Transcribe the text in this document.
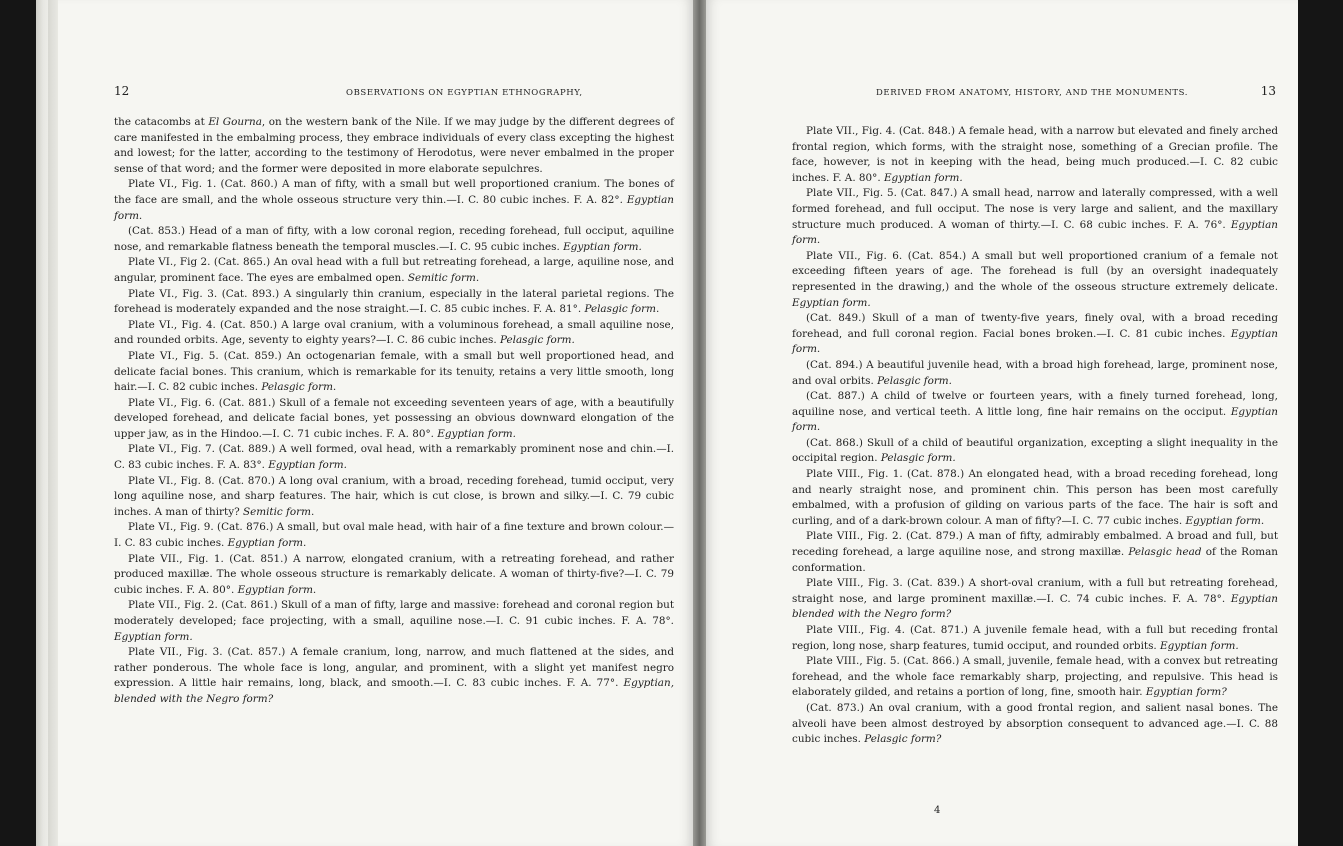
12	OBSERVATIONS ON EGYPTIAN ETHNOGRAPHY,

the catacombs at El Gourna, on the western bank of the Nile. If we may judge by the different degrees of care manifested in the embalming process, they embrace individuals of every class excepting the highest and lowest; for the latter, according to the testimony of Herodotus, were never embalmed in the proper sense of that word; and the former were deposited in more elaborate sepulchres.

Plate VI., Fig. 1. (Cat. 860.) A man of fifty, with a small but well proportioned cranium. The bones of the face are small, and the whole osseous structure very thin.—I. C. 80 cubic inches. F. A. 82°. Egyptian form.

(Cat. 853.) Head of a man of fifty, with a low coronal region, receding forehead, full occiput, aquiline nose, and remarkable flatness beneath the temporal muscles.—I. C. 95 cubic inches. Egyptian form.

Plate VI., Fig 2. (Cat. 865.) An oval head with a full but retreating forehead, a large, aquiline nose, and angular, prominent face. The eyes are embalmed open. Semitic form.

Plate VI., Fig. 3. (Cat. 893.) A singularly thin cranium, especially in the lateral parietal regions. The forehead is moderately expanded and the nose straight.—I. C. 85 cubic inches. F. A. 81°. Pelasgic form.

Plate VI., Fig. 4. (Cat. 850.) A large oval cranium, with a voluminous forehead, a small aquiline nose, and rounded orbits. Age, seventy to eighty years?—I. C. 86 cubic inches. Pelasgic form.

Plate VI., Fig. 5. (Cat. 859.) An octogenarian female, with a small but well proportioned head, and delicate facial bones. This cranium, which is remarkable for its tenuity, retains a very little smooth, long hair.—I. C. 82 cubic inches. Pelasgic form.

Plate VI., Fig. 6. (Cat. 881.) Skull of a female not exceeding seventeen years of age, with a beautifully developed forehead, and delicate facial bones, yet possessing an obvious downward elongation of the upper jaw, as in the Hindoo.—I. C. 71 cubic inches. F. A. 80°. Egyptian form.

Plate VI., Fig. 7. (Cat. 889.) A well formed, oval head, with a remarkably prominent nose and chin.—I. C. 83 cubic inches. F. A. 83°. Egyptian form.

Plate VI., Fig. 8. (Cat. 870.) A long oval cranium, with a broad, receding forehead, tumid occiput, very long aquiline nose, and sharp features. The hair, which is cut close, is brown and silky.—I. C. 79 cubic inches. A man of thirty? Semitic form.

Plate VI., Fig. 9. (Cat. 876.) A small, but oval male head, with hair of a fine texture and brown colour.—I. C. 83 cubic inches. Egyptian form.

Plate VII., Fig. 1. (Cat. 851.) A narrow, elongated cranium, with a retreating forehead, and rather produced maxillæ. The whole osseous structure is remarkably delicate. A woman of thirty-five?—I. C. 79 cubic inches. F. A. 80°. Egyptian form.

Plate VII., Fig. 2. (Cat. 861.) Skull of a man of fifty, large and massive: forehead and coronal region but moderately developed; face projecting, with a small, aquiline nose.—I. C. 91 cubic inches. F. A. 78°. Egyptian form.

Plate VII., Fig. 3. (Cat. 857.) A female cranium, long, narrow, and much flattened at the sides, and rather ponderous. The whole face is long, angular, and prominent, with a slight yet manifest negro expression. A little hair remains, long, black, and smooth.—I. C. 83 cubic inches. F. A. 77°. Egyptian, blended with the Negro form?

DERIVED FROM ANATOMY, HISTORY, AND THE MONUMENTS.	13

Plate VII., Fig. 4. (Cat. 848.) A female head, with a narrow but elevated and finely arched frontal region, which forms, with the straight nose, something of a Grecian profile. The face, however, is not in keeping with the head, being much produced.—I. C. 82 cubic inches. F. A. 80°. Egyptian form.

Plate VII., Fig. 5. (Cat. 847.) A small head, narrow and laterally compressed, with a well formed forehead, and full occiput. The nose is very large and salient, and the maxillary structure much produced. A woman of thirty.—I. C. 68 cubic inches. F. A. 76°. Egyptian form.

Plate VII., Fig. 6. (Cat. 854.) A small but well proportioned cranium of a female not exceeding fifteen years of age. The forehead is full (by an oversight inadequately represented in the drawing,) and the whole of the osseous structure extremely delicate. Egyptian form.

(Cat. 849.) Skull of a man of twenty-five years, finely oval, with a broad receding forehead, and full coronal region. Facial bones broken.—I. C. 81 cubic inches. Egyptian form.

(Cat. 894.) A beautiful juvenile head, with a broad high forehead, large, prominent nose, and oval orbits. Pelasgic form.

(Cat. 887.) A child of twelve or fourteen years, with a finely turned forehead, long, aquiline nose, and vertical teeth. A little long, fine hair remains on the occiput. Egyptian form.

(Cat. 868.) Skull of a child of beautiful organization, excepting a slight inequality in the occipital region. Pelasgic form.

Plate VIII., Fig. 1. (Cat. 878.) An elongated head, with a broad receding forehead, long and nearly straight nose, and prominent chin. This person has been most carefully embalmed, with a profusion of gilding on various parts of the face. The hair is soft and curling, and of a dark-brown colour. A man of fifty?—I. C. 77 cubic inches. Egyptian form.

Plate VIII., Fig. 2. (Cat. 879.) A man of fifty, admirably embalmed. A broad and full, but receding forehead, a large aquiline nose, and strong maxillæ. Pelasgic head of the Roman conformation.

Plate VIII., Fig. 3. (Cat. 839.) A short-oval cranium, with a full but retreating forehead, straight nose, and large prominent maxillæ.—I. C. 74 cubic inches. F. A. 78°. Egyptian blended with the Negro form?

Plate VIII., Fig. 4. (Cat. 871.) A juvenile female head, with a full but receding frontal region, long nose, sharp features, tumid occiput, and rounded orbits. Egyptian form.

Plate VIII., Fig. 5. (Cat. 866.) A small, juvenile, female head, with a convex but retreating forehead, and the whole face remarkably sharp, projecting, and repulsive. This head is elaborately gilded, and retains a portion of long, fine, smooth hair. Egyptian form?

(Cat. 873.) An oval cranium, with a good frontal region, and salient nasal bones. The alveoli have been almost destroyed by absorption consequent to advanced age.—I. C. 88 cubic inches. Pelasgic form?

4
